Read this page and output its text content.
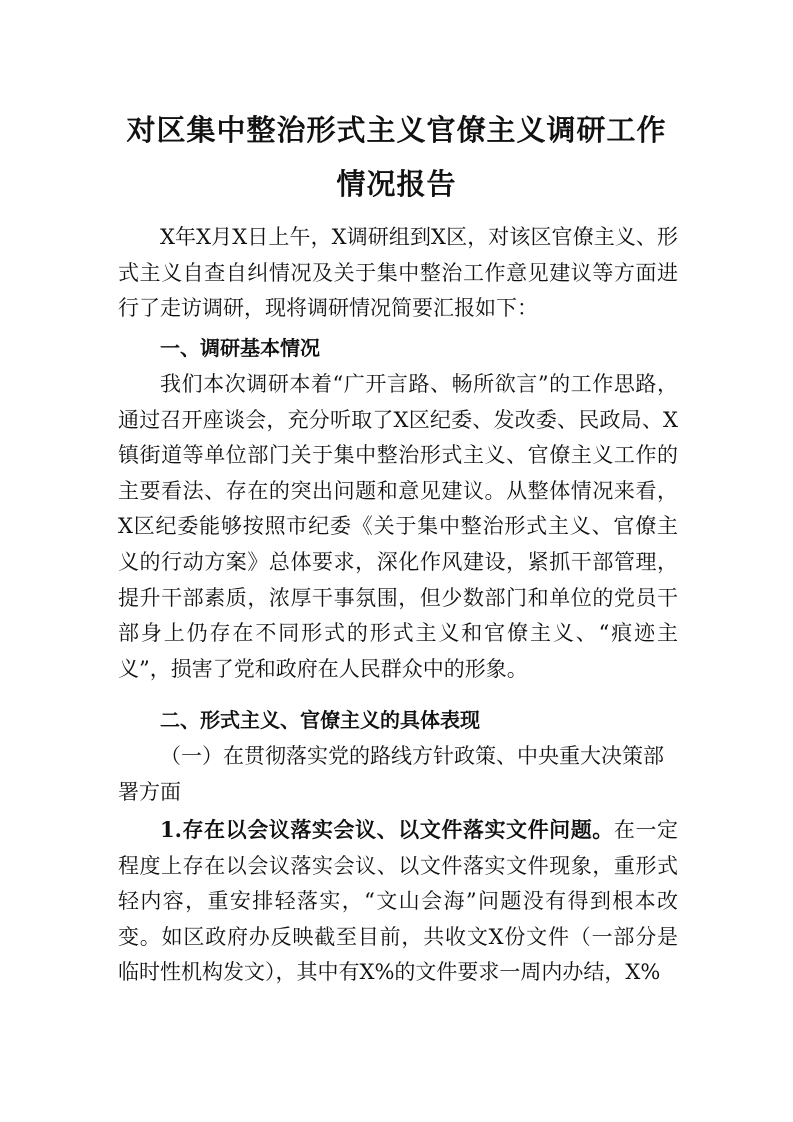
对区集中整治形式主义官僚主义调研工作
情况报告

X年X月X日上午，X调研组到X区，对该区官僚主义、形式主义自查自纠情况及关于集中整治工作意见建议等方面进行了走访调研，现将调研情况简要汇报如下：

一、调研基本情况

我们本次调研本着“广开言路、畅所欲言”的工作思路，通过召开座谈会，充分听取了X区纪委、发改委、民政局、X镇街道等单位部门关于集中整治形式主义、官僚主义工作的主要看法、存在的突出问题和意见建议。从整体情况来看，X区纪委能够按照市纪委《关于集中整治形式主义、官僚主义的行动方案》总体要求，深化作风建设，紧抓干部管理，提升干部素质，浓厚干事氛围，但少数部门和单位的党员干部身上仍存在不同形式的形式主义和官僚主义、“痕迹主义”，损害了党和政府在人民群众中的形象。

二、形式主义、官僚主义的具体表现

（一）在贯彻落实党的路线方针政策、中央重大决策部署方面

1.存在以会议落实会议、以文件落实文件问题。在一定程度上存在以会议落实会议、以文件落实文件现象，重形式轻内容，重安排轻落实，“文山会海”问题没有得到根本改变。如区政府办反映截至目前，共收文X份文件（一部分是临时性机构发文），其中有X%的文件要求一周内办结，X%
